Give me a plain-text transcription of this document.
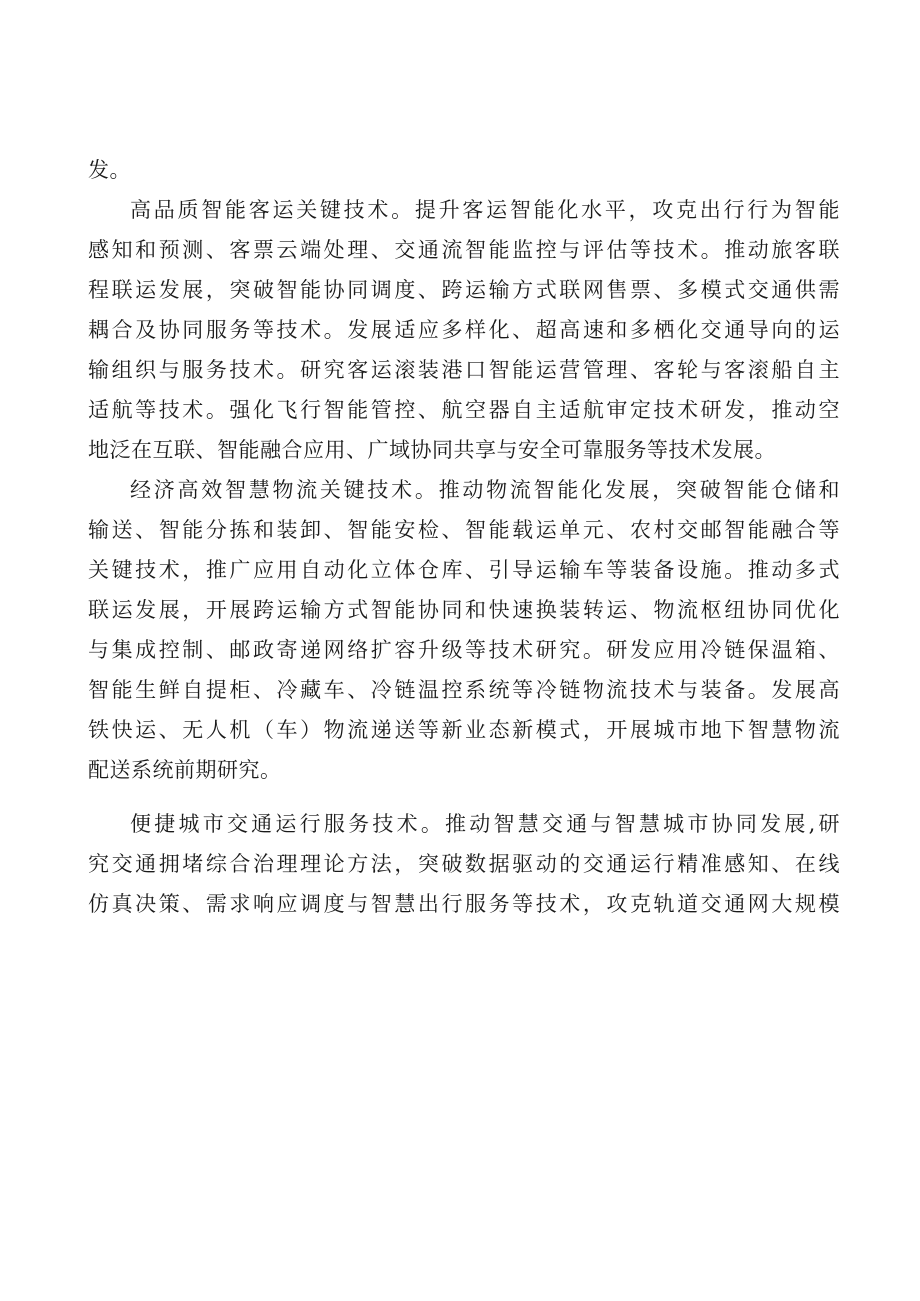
发。
高品质智能客运关键技术。提升客运智能化水平，攻克出行行为智能
感知和预测、客票云端处理、交通流智能监控与评估等技术。推动旅客联
程联运发展，突破智能协同调度、跨运输方式联网售票、多模式交通供需
耦合及协同服务等技术。发展适应多样化、超高速和多栖化交通导向的运
输组织与服务技术。研究客运滚装港口智能运营管理、客轮与客滚船自主
适航等技术。强化飞行智能管控、航空器自主适航审定技术研发，推动空
地泛在互联、智能融合应用、广域协同共享与安全可靠服务等技术发展。
经济高效智慧物流关键技术。推动物流智能化发展，突破智能仓储和
输送、智能分拣和装卸、智能安检、智能载运单元、农村交邮智能融合等
关键技术，推广应用自动化立体仓库、引导运输车等装备设施。推动多式
联运发展，开展跨运输方式智能协同和快速换装转运、物流枢纽协同优化
与集成控制、邮政寄递网络扩容升级等技术研究。研发应用冷链保温箱、
智能生鲜自提柜、冷藏车、冷链温控系统等冷链物流技术与装备。发展高
铁快运、无人机（车）物流递送等新业态新模式，开展城市地下智慧物流
配送系统前期研究。
便捷城市交通运行服务技术。推动智慧交通与智慧城市协同发展,研
究交通拥堵综合治理理论方法，突破数据驱动的交通运行精准感知、在线
仿真决策、需求响应调度与智慧出行服务等技术，攻克轨道交通网大规模
